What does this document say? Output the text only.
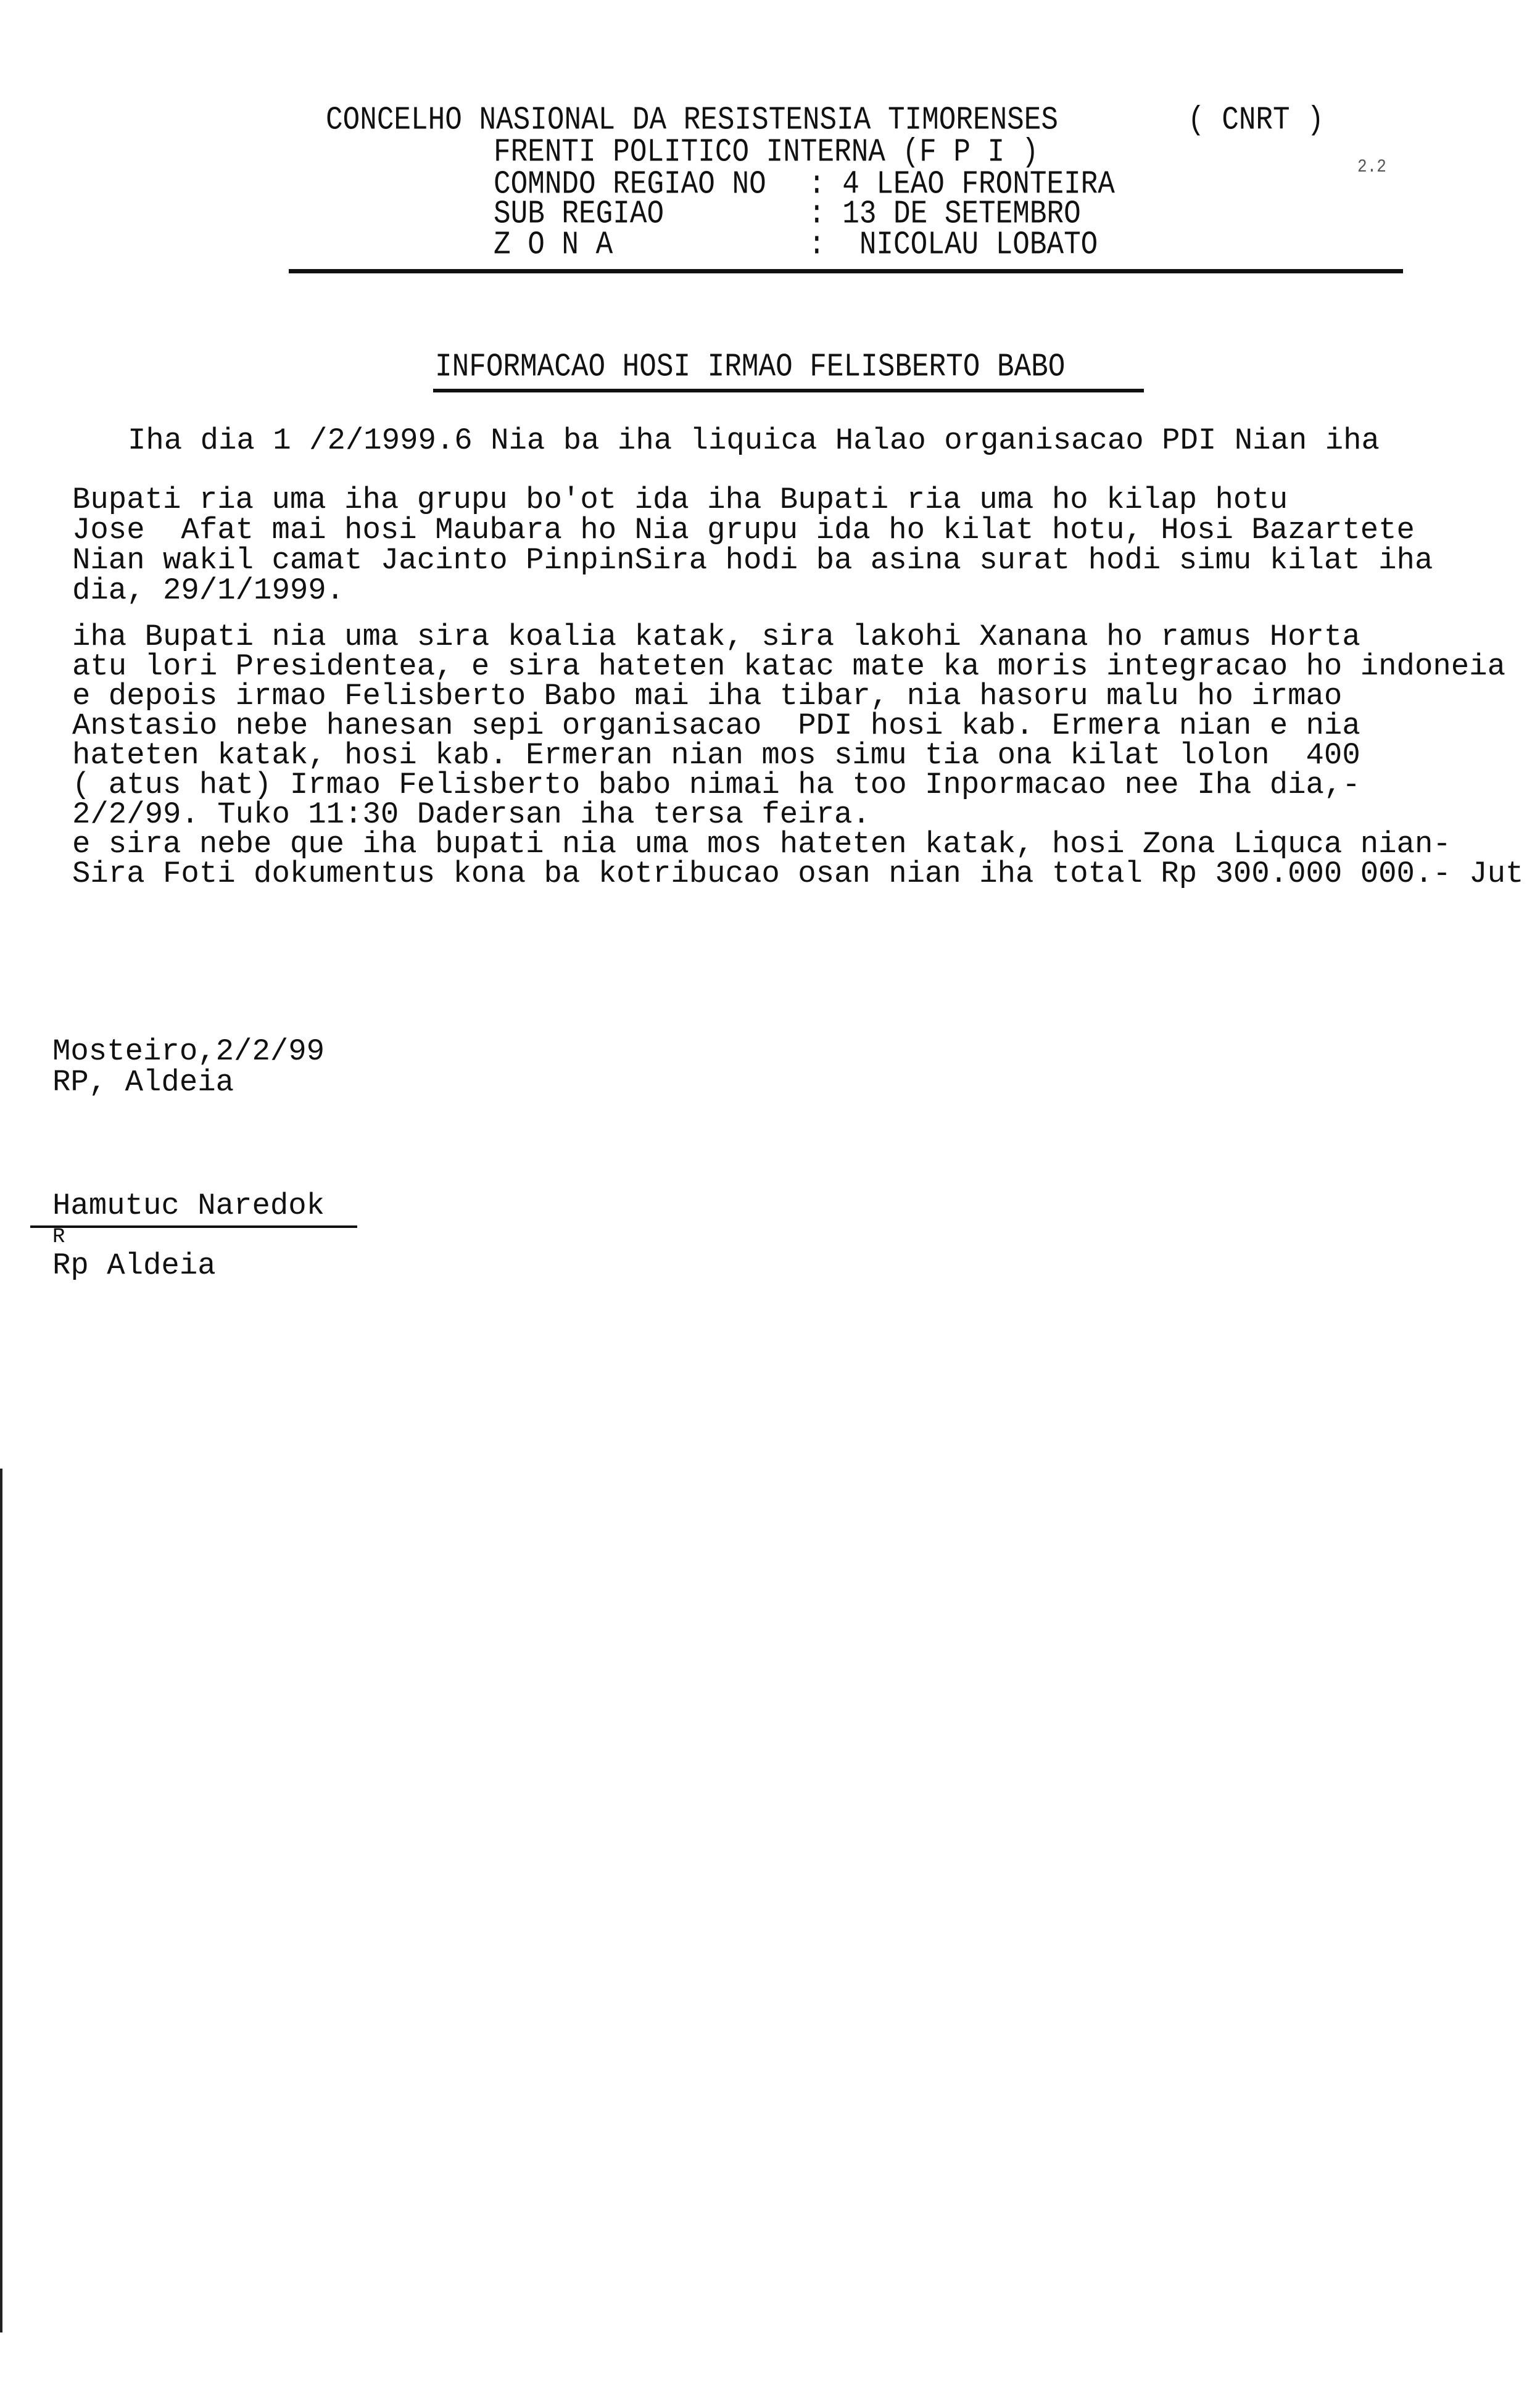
CONCELHO NASIONAL DA RESISTENSIA TIMORENSES	( CNRT )
FRENTI POLITICO INTERNA (F P I )	2.2
COMNDO REGIAO NO : 4 LEAO FRONTEIRA
SUB REGIAO	: 13 DE SETEMBRO
Z O N A	:  NICOLAU LOBATO
INFORMACAO HOSI IRMAO FELISBERTO BABO
Iha dia 1 /2/1999.6 Nia ba iha liquica Halao organisacao PDI Nian iha
Bupati ria uma iha grupu bo'ot ida iha Bupati ria uma ho kilap hotu
Jose  Afat mai hosi Maubara ho Nia grupu ida ho kilat hotu, Hosi Bazartete
Nian wakil camat Jacinto PinpinSira hodi ba asina surat hodi simu kilat iha
dia, 29/1/1999.
iha Bupati nia uma sira koalia katak, sira lakohi Xanana ho ramus Horta
atu lori Presidentea, e sira hateten katac mate ka moris integracao ho indoneia
e depois irmao Felisberto Babo mai iha tibar, nia hasoru malu ho irmao
Anstasio nebe hanesan sepi organisacao  PDI hosi kab. Ermera nian e nia
hateten katak, hosi kab. Ermeran nian mos simu tia ona kilat lolon  400
( atus hat) Irmao Felisberto babo nimai ha too Inpormacao nee Iha dia,-
2/2/99. Tuko 11:30 Dadersan iha tersa feira.
e sira nebe que iha bupati nia uma mos hateten katak, hosi Zona Liquca nian-
Sira Foti dokumentus kona ba kotribucao osan nian iha total Rp 300.000 000.- Jut
Mosteiro,2/2/99
RP, Aldeia
Hamutuc Naredok
R
Rp Aldeia
